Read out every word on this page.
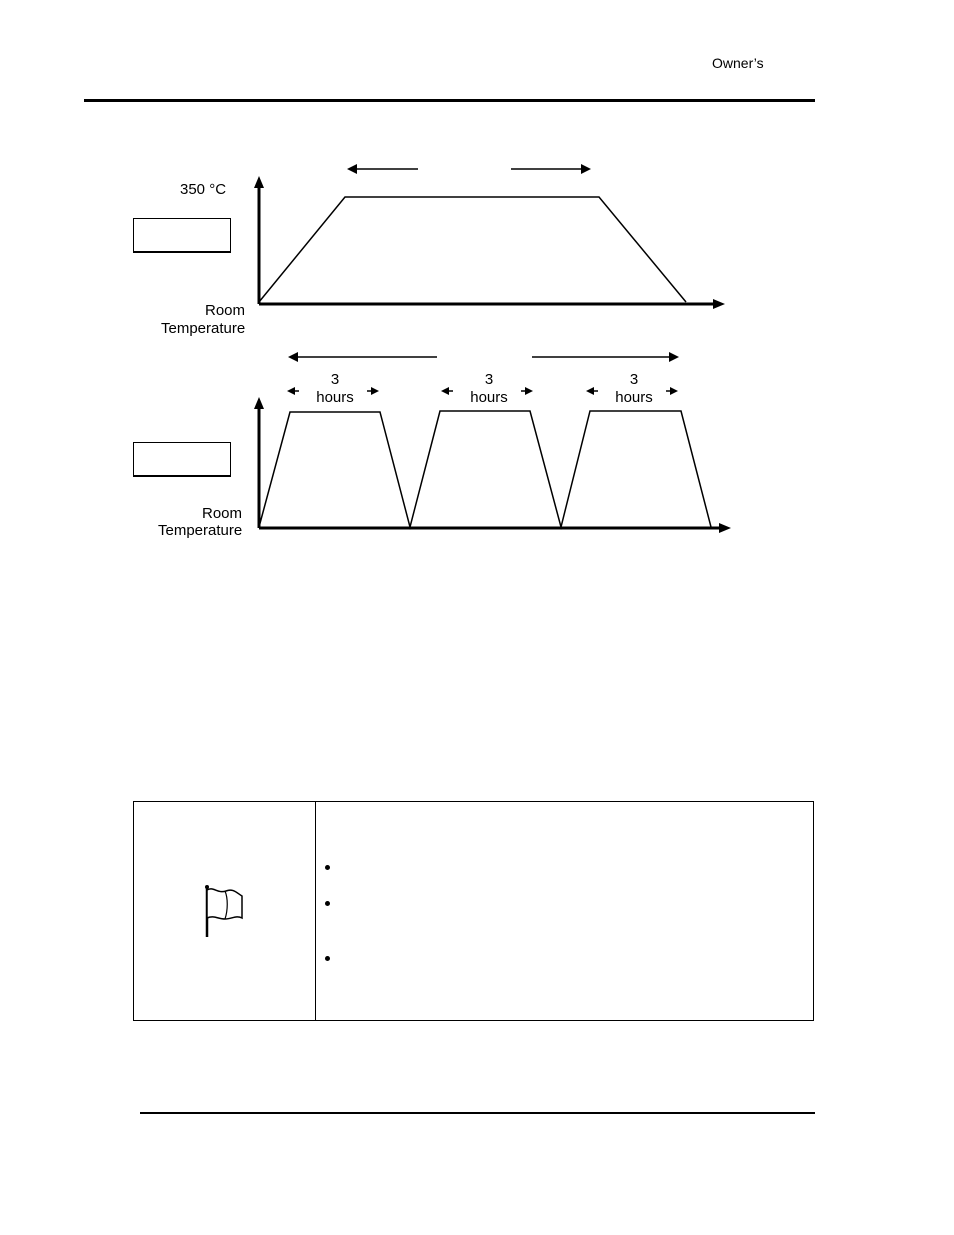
Owner’s
350 °C
Room
Temperature
3
hours
3
hours
3
hours
Room
Temperature
